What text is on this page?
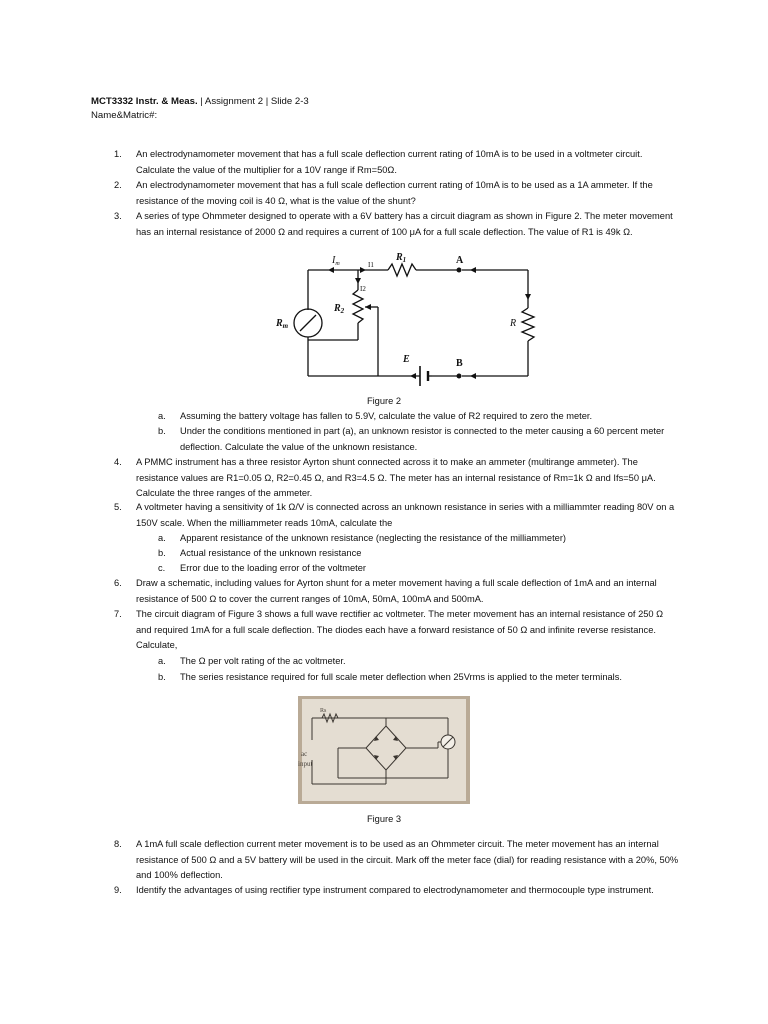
MCT3332 Instr. & Meas. | Assignment 2 | Slide 2-3
Name&Matric#:
1.	An electrodynamometer movement that has a full scale deflection current rating of 10mA is to be used in a voltmeter circuit. Calculate the value of the multiplier for a 10V range if Rm=50Ω.
2.	An electrodynamometer movement that has a full scale deflection current rating of 10mA is to be used as a 1A ammeter. If the resistance of the moving coil is 40 Ω, what is the value of the shunt?
3.	A series of type Ohmmeter designed to operate with a 6V battery has a circuit diagram as shown in Figure 2. The meter movement has an internal resistance of 2000 Ω and requires a current of 100 μA for a full scale deflection. The value of R1 is 49k Ω.
$I_m$	I1
I2
$R_1$
$R_2$
$R_m$
A
B
R
E
Figure 2
a.	Assuming the battery voltage has fallen to 5.9V, calculate the value of R2 required to zero the meter.
b.	Under the conditions mentioned in part (a), an unknown resistor is connected to the meter causing a 60 percent meter deflection. Calculate the value of the unknown resistance.
4.	A PMMC instrument has a three resistor Ayrton shunt connected across it to make an ammeter (multirange ammeter). The resistance values are R1=0.05 Ω, R2=0.45 Ω, and R3=4.5 Ω. The meter has an internal resistance of Rm=1k Ω and Ifs=50 μA. Calculate the three ranges of the ammeter.
5.	A voltmeter having a sensitivity of 1k Ω/V is connected across an unknown resistance in series with a milliammter reading 80V on a 150V scale. When the milliammeter reads 10mA, calculate the
a.	Apparent resistance of the unknown resistance (neglecting the resistance of the milliammeter)
b.	Actual resistance of the unknown resistance
c.	Error due to the loading error of the voltmeter
6.	Draw a schematic, including values for Ayrton shunt for a meter movement having a full scale deflection of 1mA and an internal resistance of 500 Ω to cover the current ranges of 10mA, 50mA, 100mA and 500mA.
7.	The circuit diagram of Figure 3 shows a full wave rectifier ac voltmeter. The meter movement has an internal resistance of 250 Ω and required 1mA for a full scale deflection. The diodes each have a forward resistance of 50 Ω and infinite reverse resistance. Calculate,
a.	The Ω per volt rating of the ac voltmeter.
b.	The series resistance required for full scale meter deflection when 25Vrms is applied to the meter terminals.
Rs
ac
input
Figure 3
8.	A 1mA full scale deflection current meter movement is to be used as an Ohmmeter circuit. The meter movement has an internal resistance of 500 Ω and a 5V battery will be used in the circuit. Mark off the meter face (dial) for reading resistance with a 20%, 50% and 100% deflection.
9.	Identify the advantages of using rectifier type instrument compared to electrodynamometer and thermocouple type instrument.
